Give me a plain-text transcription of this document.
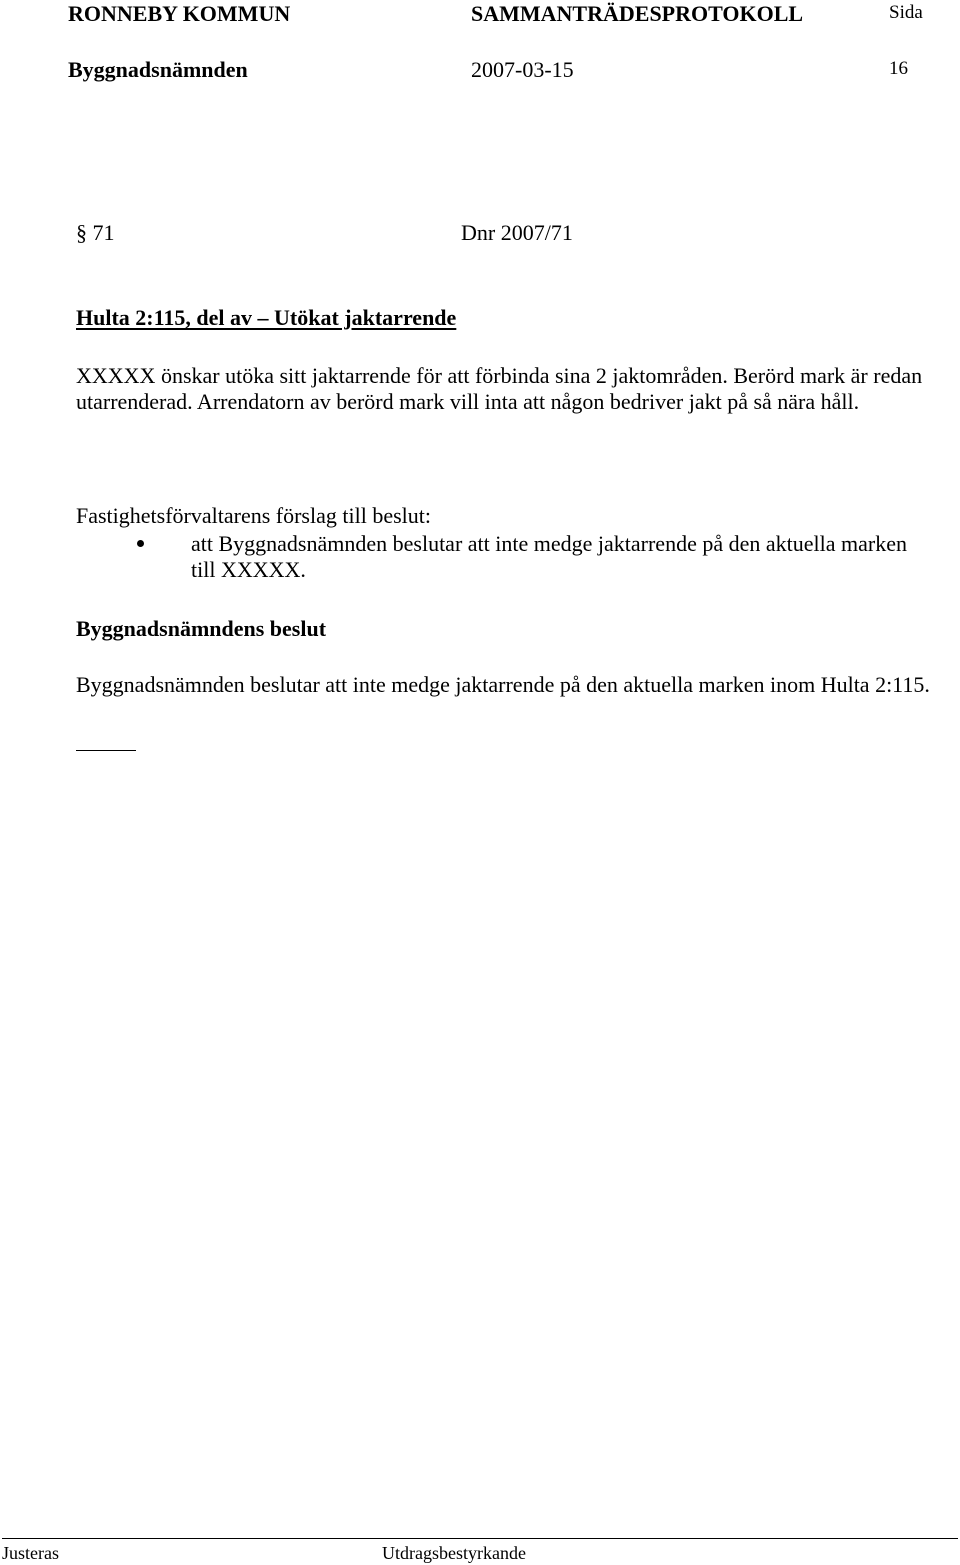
RONNEBY KOMMUN	SAMMANTRÄDESPROTOKOLL	Sida
Byggnadsnämnden	2007-03-15	16
§ 71	Dnr 2007/71
Hulta 2:115, del av – Utökat jaktarrende
XXXXX önskar utöka sitt jaktarrende för att förbinda sina 2 jaktområden. Berörd mark är redan utarrenderad. Arrendatorn av berörd mark vill inta att någon bedriver jakt på så nära håll.
Fastighetsförvaltarens förslag till beslut:
att Byggnadsnämnden beslutar att inte medge jaktarrende på den aktuella marken till XXXXX.
Byggnadsnämndens beslut
Byggnadsnämnden beslutar att inte medge jaktarrende på den aktuella marken inom Hulta 2:115.
Justeras	Utdragsbestyrkande
